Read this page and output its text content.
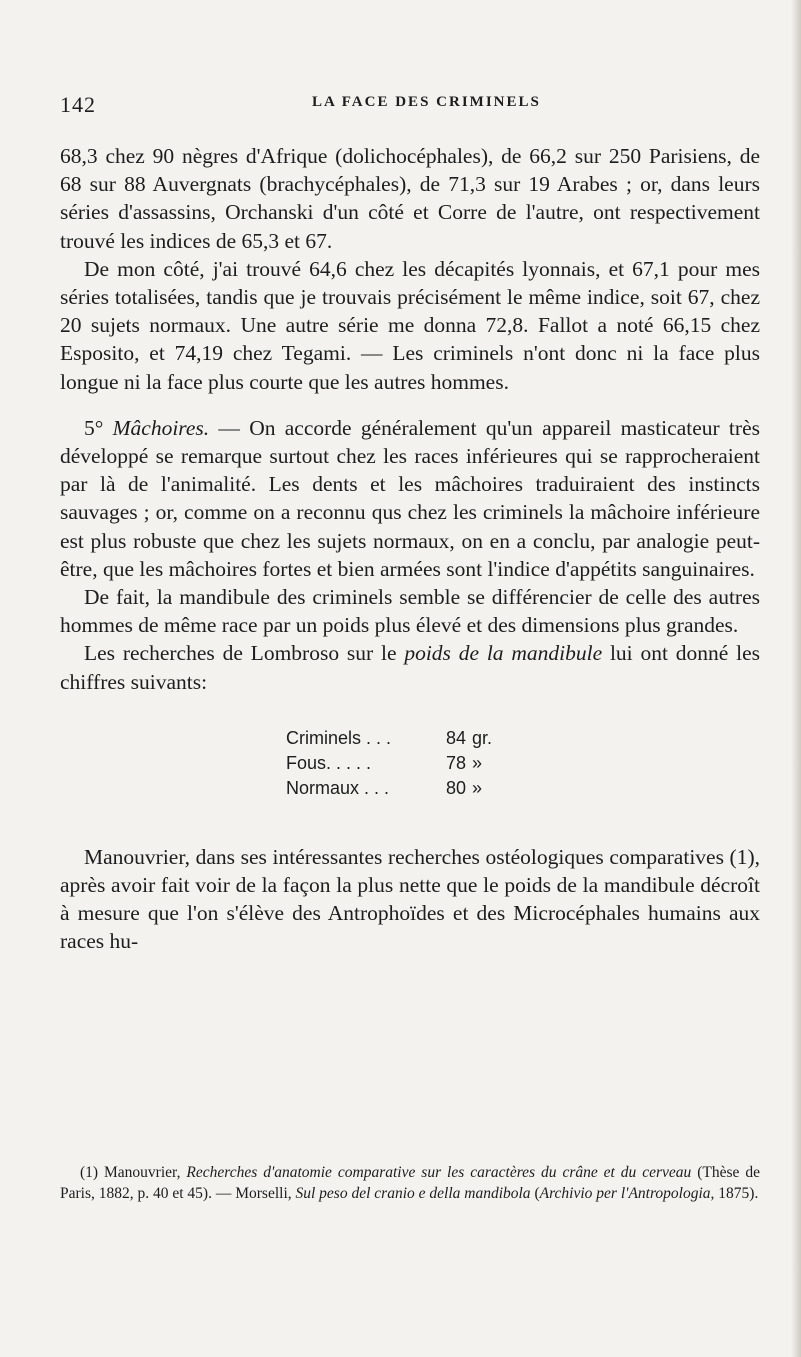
142	LA FACE DES CRIMINELS

68,3 chez 90 nègres d'Afrique (dolichocéphales), de 66,2 sur 250 Parisiens, de 68 sur 88 Auvergnats (brachycéphales), de 71,3 sur 19 Arabes ; or, dans leurs séries d'assassins, Orchanski d'un côté et Corre de l'autre, ont respectivement trouvé les indices de 65,3 et 67.

De mon côté, j'ai trouvé 64,6 chez les décapités lyonnais, et 67,1 pour mes séries totalisées, tandis que je trouvais précisément le même indice, soit 67, chez 20 sujets normaux. Une autre série me donna 72,8. Fallot a noté 66,15 chez Esposito, et 74,19 chez Tegami. — Les criminels n'ont donc ni la face plus longue ni la face plus courte que les autres hommes.

5° Mâchoires. — On accorde généralement qu'un appareil masticateur très développé se remarque surtout chez les races inférieures qui se rapprocheraient par là de l'animalité. Les dents et les mâchoires traduiraient des instincts sauvages ; or, comme on a reconnu qus chez les criminels la mâchoire inférieure est plus robuste que chez les sujets normaux, on en a conclu, par analogie peut-être, que les mâchoires fortes et bien armées sont l'indice d'appétits sanguinaires.

De fait, la mandibule des criminels semble se différencier de celle des autres hommes de même race par un poids plus élevé et des dimensions plus grandes.

Les recherches de Lombroso sur le poids de la mandibule lui ont donné les chiffres suivants:

Criminels . . .	84 gr.
Fous. . . . .	78 »
Normaux . . .	80 »

Manouvrier, dans ses intéressantes recherches ostéologiques comparatives (1), après avoir fait voir de la façon la plus nette que le poids de la mandibule décroît à mesure que l'on s'élève des Antrophoïdes et des Microcéphales humains aux races hu-

(1) Manouvrier, Recherches d'anatomie comparative sur les caractères du crâne et du cerveau (Thèse de Paris, 1882, p. 40 et 45). — Morselli, Sul peso del cranio e della mandibola (Archivio per l'Antropologia, 1875).
